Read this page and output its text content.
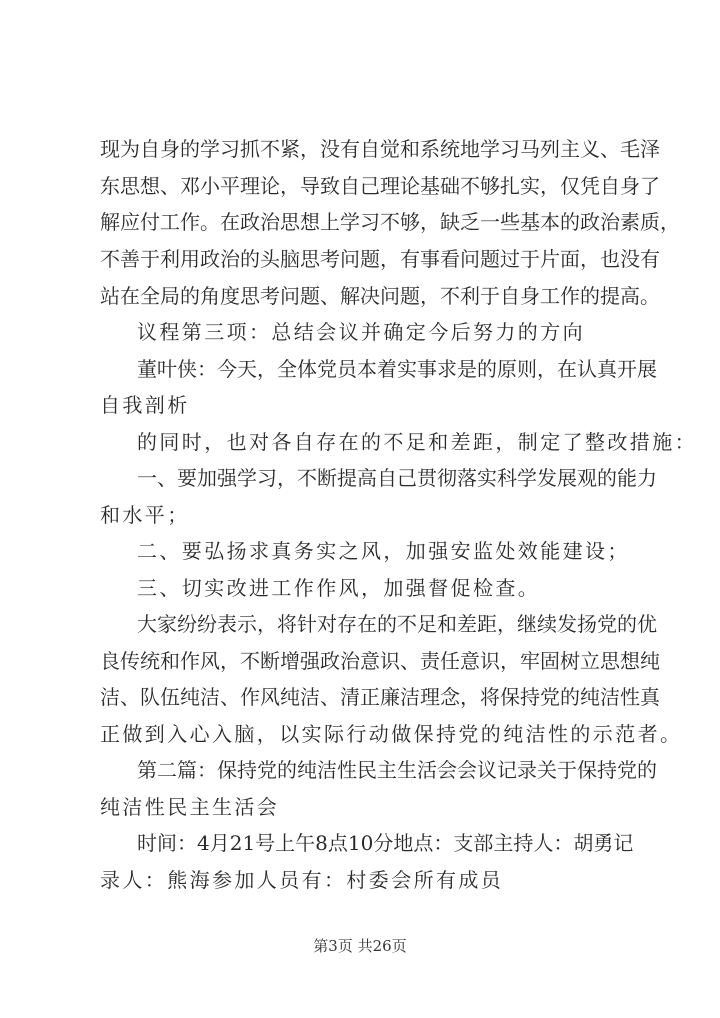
现为自身的学习抓不紧，没有自觉和系统地学习马列主义、毛泽
东思想、邓小平理论，导致自己理论基础不够扎实，仅凭自身了
解应付工作。在政治思想上学习不够，缺乏一些基本的政治素质，
不善于利用政治的头脑思考问题，有事看问题过于片面，也没有
站在全局的角度思考问题、解决问题，不利于自身工作的提高。
议程第三项：总结会议并确定今后努力的方向
董叶侠：今天，全体党员本着实事求是的原则，在认真开展
自我剖析
的同时，也对各自存在的不足和差距，制定了整改措施：
一、要加强学习，不断提高自己贯彻落实科学发展观的能力
和水平；
二、要弘扬求真务实之风，加强安监处效能建设；
三、切实改进工作作风，加强督促检查。
大家纷纷表示，将针对存在的不足和差距，继续发扬党的优
良传统和作风，不断增强政治意识、责任意识，牢固树立思想纯
洁、队伍纯洁、作风纯洁、清正廉洁理念，将保持党的纯洁性真
正做到入心入脑，以实际行动做保持党的纯洁性的示范者。
第二篇：保持党的纯洁性民主生活会会议记录关于保持党的
纯洁性民主生活会
时间：4月21号上午8点10分地点：支部主持人：胡勇记
录人：熊海参加人员有：村委会所有成员
第3页 共26页
